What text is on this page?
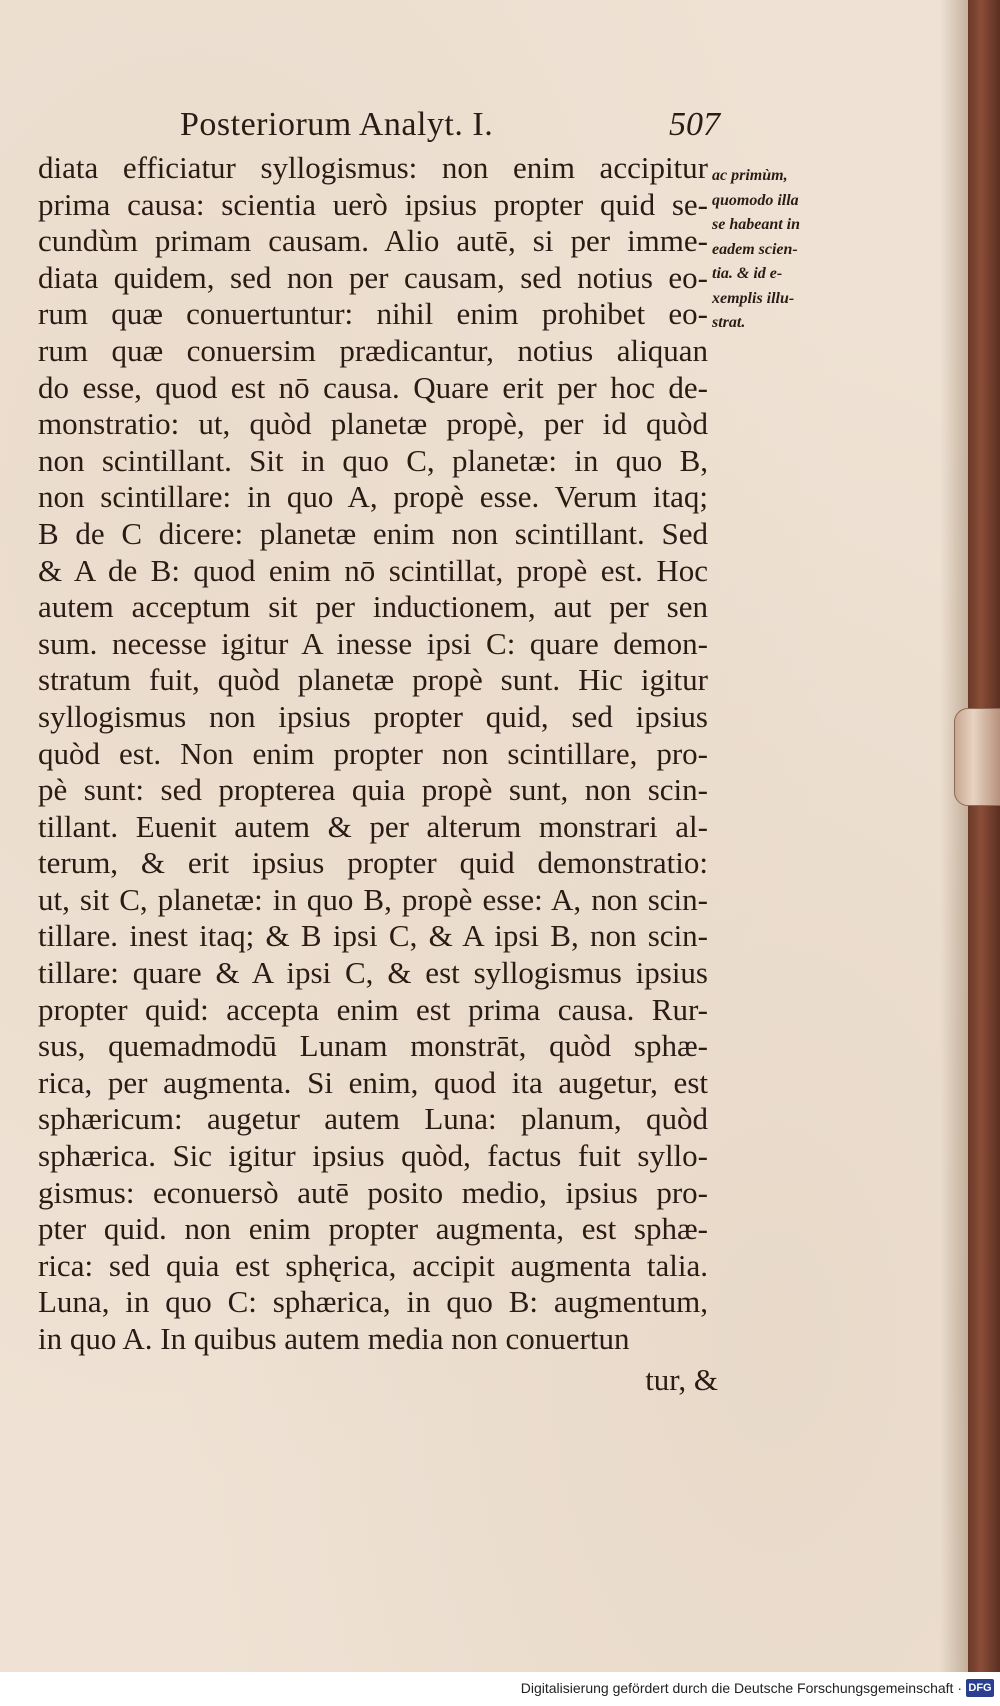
Posteriorum Analyt. I.	507
diata efficiatur syllogismus: non enim accipitur
prima causa: scientia uerò ipsius propter quid se-
cundùm primam causam. Alio autē, si per imme-
diata quidem, sed non per causam, sed notius eo-
rum quæ conuertuntur: nihil enim prohibet eo-
rum quæ conuersim prædicantur, notius aliquan
do esse, quod est nō causa. Quare erit per hoc de-
monstratio: ut, quòd planetæ propè, per id quòd
non scintillant. Sit in quo C, planetæ: in quo B,
non scintillare: in quo A, propè esse. Verum itaq;
B de C dicere: planetæ enim non scintillant. Sed
& A de B: quod enim nō scintillat, propè est. Hoc
autem acceptum sit per inductionem, aut per sen
sum. necesse igitur A inesse ipsi C: quare demon-
stratum fuit, quòd planetæ propè sunt. Hic igitur
syllogismus non ipsius propter quid, sed ipsius
quòd est. Non enim propter non scintillare, pro-
pè sunt: sed propterea quia propè sunt, non scin-
tillant. Euenit autem & per alterum monstrari al-
terum, & erit ipsius propter quid demonstratio:
ut, sit C, planetæ: in quo B, propè esse: A, non scin-
tillare. inest itaq; & B ipsi C, & A ipsi B, non scin-
tillare: quare & A ipsi C, & est syllogismus ipsius
propter quid: accepta enim est prima causa. Rur-
sus, quemadmodū Lunam monstrāt, quòd sphæ-
rica, per augmenta. Si enim, quod ita augetur, est
sphæricum: augetur autem Luna: planum, quòd
sphærica. Sic igitur ipsius quòd, factus fuit syllo-
gismus: econuersò autē posito medio, ipsius pro-
pter quid. non enim propter augmenta, est sphæ-
rica: sed quia est sphęrica, accipit augmenta talia.
Luna, in quo C: sphærica, in quo B: augmentum,
in quo A. In quibus autem media non conuertun
ac primùm,
quomodo illa
se habeant in
eadem scien-
tia. & id e-
xemplis illu-
strat.
tur, &
Digitalisierung gefördert durch die Deutsche Forschungsgemeinschaft · DFG
